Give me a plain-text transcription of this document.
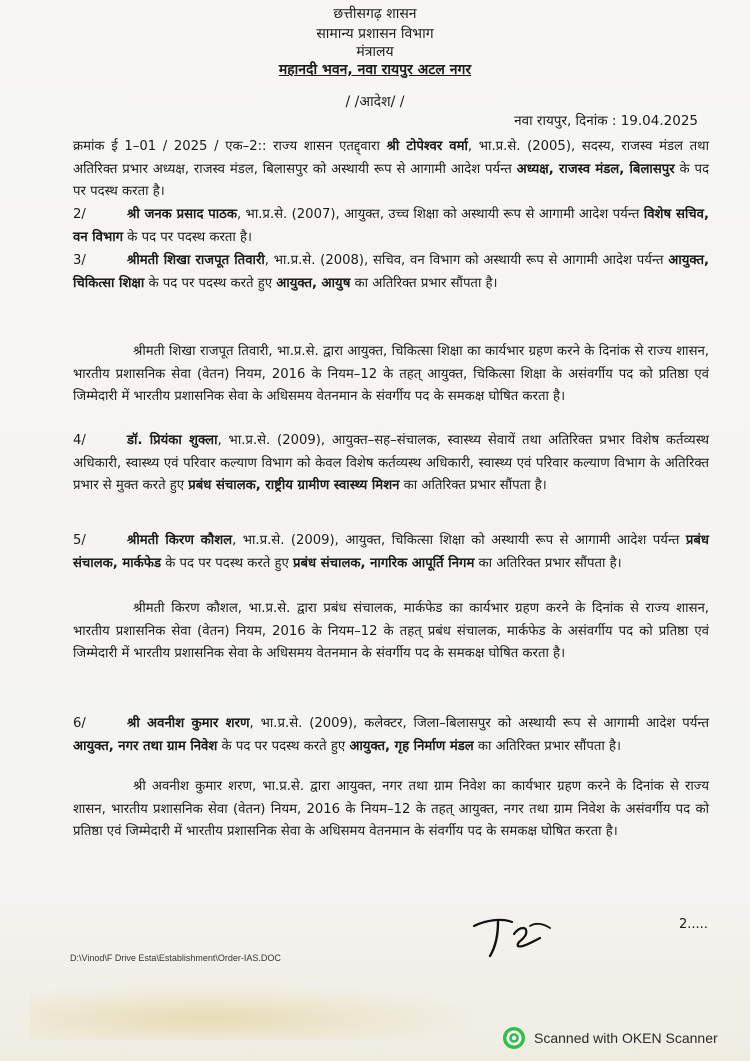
छत्तीसगढ़ शासन
सामान्य प्रशासन विभाग
मंत्रालय
महानदी भवन, नवा रायपुर अटल नगर
/ /आदेश/ /
नवा रायपुर, दिनांक : 19.04.2025
क्रमांक ई 1–01 / 2025 / एक–2:: राज्य शासन एतद्द्वारा श्री टोपेश्वर वर्मा, भा.प्र.से. (2005), सदस्य, राजस्व मंडल तथा अतिरिक्त प्रभार अध्यक्ष, राजस्व मंडल, बिलासपुर को अस्थायी रूप से आगामी आदेश पर्यन्त अध्यक्ष, राजस्व मंडल, बिलासपुर के पद पर पदस्थ करता है।
2/	श्री जनक प्रसाद पाठक, भा.प्र.से. (2007), आयुक्त, उच्च शिक्षा को अस्थायी रूप से आगामी आदेश पर्यन्त विशेष सचिव, वन विभाग के पद पर पदस्थ करता है।
3/	श्रीमती शिखा राजपूत तिवारी, भा.प्र.से. (2008), सचिव, वन विभाग को अस्थायी रूप से आगामी आदेश पर्यन्त आयुक्त, चिकित्सा शिक्षा के पद पर पदस्थ करते हुए आयुक्त, आयुष का अतिरिक्त प्रभार सौंपता है।
श्रीमती शिखा राजपूत तिवारी, भा.प्र.से. द्वारा आयुक्त, चिकित्सा शिक्षा का कार्यभार ग्रहण करने के दिनांक से राज्य शासन, भारतीय प्रशासनिक सेवा (वेतन) नियम, 2016 के नियम–12 के तहत् आयुक्त, चिकित्सा शिक्षा के असंवर्गीय पद को प्रतिष्ठा एवं जिम्मेदारी में भारतीय प्रशासनिक सेवा के अधिसमय वेतनमान के संवर्गीय पद के समकक्ष घोषित करता है।
4/	डॉ. प्रियंका शुक्ला, भा.प्र.से. (2009), आयुक्त–सह–संचालक, स्वास्थ्य सेवायें तथा अतिरिक्त प्रभार विशेष कर्तव्यस्थ अधिकारी, स्वास्थ्य एवं परिवार कल्याण विभाग को केवल विशेष कर्तव्यस्थ अधिकारी, स्वास्थ्य एवं परिवार कल्याण विभाग के अतिरिक्त प्रभार से मुक्त करते हुए प्रबंध संचालक, राष्ट्रीय ग्रामीण स्वास्थ्य मिशन का अतिरिक्त प्रभार सौंपता है।
5/	श्रीमती किरण कौशल, भा.प्र.से. (2009), आयुक्त, चिकित्सा शिक्षा को अस्थायी रूप से आगामी आदेश पर्यन्त प्रबंध संचालक, मार्कफेड के पद पर पदस्थ करते हुए प्रबंध संचालक, नागरिक आपूर्ति निगम का अतिरिक्त प्रभार सौंपता है।
श्रीमती किरण कौशल, भा.प्र.से. द्वारा प्रबंध संचालक, मार्कफेड का कार्यभार ग्रहण करने के दिनांक से राज्य शासन, भारतीय प्रशासनिक सेवा (वेतन) नियम, 2016 के नियम–12 के तहत् प्रबंध संचालक, मार्कफेड के असंवर्गीय पद को प्रतिष्ठा एवं जिम्मेदारी में भारतीय प्रशासनिक सेवा के अधिसमय वेतनमान के संवर्गीय पद के समकक्ष घोषित करता है।
6/	श्री अवनीश कुमार शरण, भा.प्र.से. (2009), कलेक्टर, जिला–बिलासपुर को अस्थायी रूप से आगामी आदेश पर्यन्त आयुक्त, नगर तथा ग्राम निवेश के पद पर पदस्थ करते हुए आयुक्त, गृह निर्माण मंडल का अतिरिक्त प्रभार सौंपता है।
श्री अवनीश कुमार शरण, भा.प्र.से. द्वारा आयुक्त, नगर तथा ग्राम निवेश का कार्यभार ग्रहण करने के दिनांक से राज्य शासन, भारतीय प्रशासनिक सेवा (वेतन) नियम, 2016 के नियम–12 के तहत् आयुक्त, नगर तथा ग्राम निवेश के असंवर्गीय पद को प्रतिष्ठा एवं जिम्मेदारी में भारतीय प्रशासनिक सेवा के अधिसमय वेतनमान के संवर्गीय पद के समकक्ष घोषित करता है।
2.....
D:\Vinod\F Drive Esta\Establishment\Order-IAS.DOC
Scanned with OKEN Scanner
